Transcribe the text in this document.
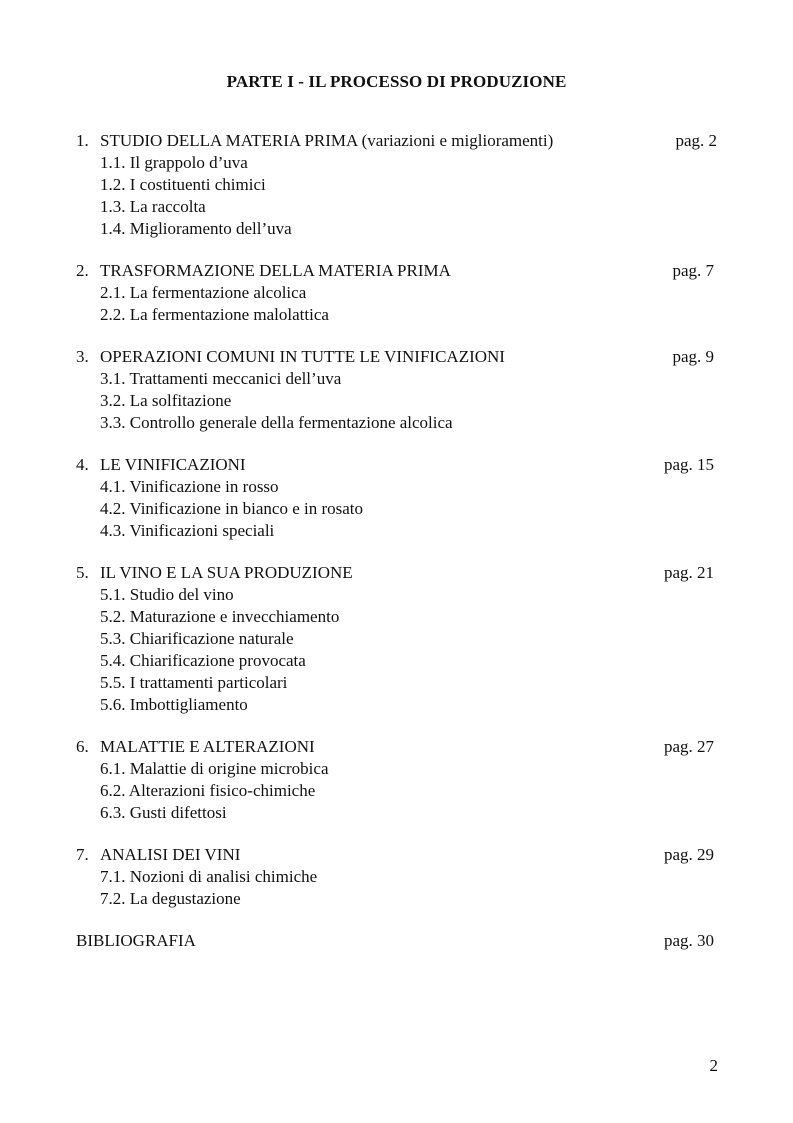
PARTE I - IL PROCESSO DI PRODUZIONE
1. STUDIO DELLA MATERIA PRIMA (variazioni e miglioramenti)	pag. 2
1.1. Il grappolo d’uva
1.2. I costituenti chimici
1.3. La raccolta
1.4. Miglioramento dell’uva
2. TRASFORMAZIONE DELLA MATERIA PRIMA	pag. 7
2.1. La fermentazione alcolica
2.2. La fermentazione malolattica
3. OPERAZIONI COMUNI IN TUTTE LE VINIFICAZIONI	pag. 9
3.1. Trattamenti meccanici dell’uva
3.2. La solfitazione
3.3. Controllo generale della fermentazione alcolica
4. LE VINIFICAZIONI	pag. 15
4.1. Vinificazione in rosso
4.2. Vinificazione in bianco e in rosato
4.3. Vinificazioni speciali
5. IL VINO E LA SUA PRODUZIONE	pag. 21
5.1. Studio del vino
5.2. Maturazione e invecchiamento
5.3. Chiarificazione naturale
5.4. Chiarificazione provocata
5.5. I trattamenti particolari
5.6. Imbottigliamento
6. MALATTIE E ALTERAZIONI	pag. 27
6.1. Malattie di origine microbica
6.2. Alterazioni fisico-chimiche
6.3. Gusti difettosi
7. ANALISI DEI VINI	pag. 29
7.1. Nozioni di analisi chimiche
7.2. La degustazione
BIBLIOGRAFIA	pag. 30
2
